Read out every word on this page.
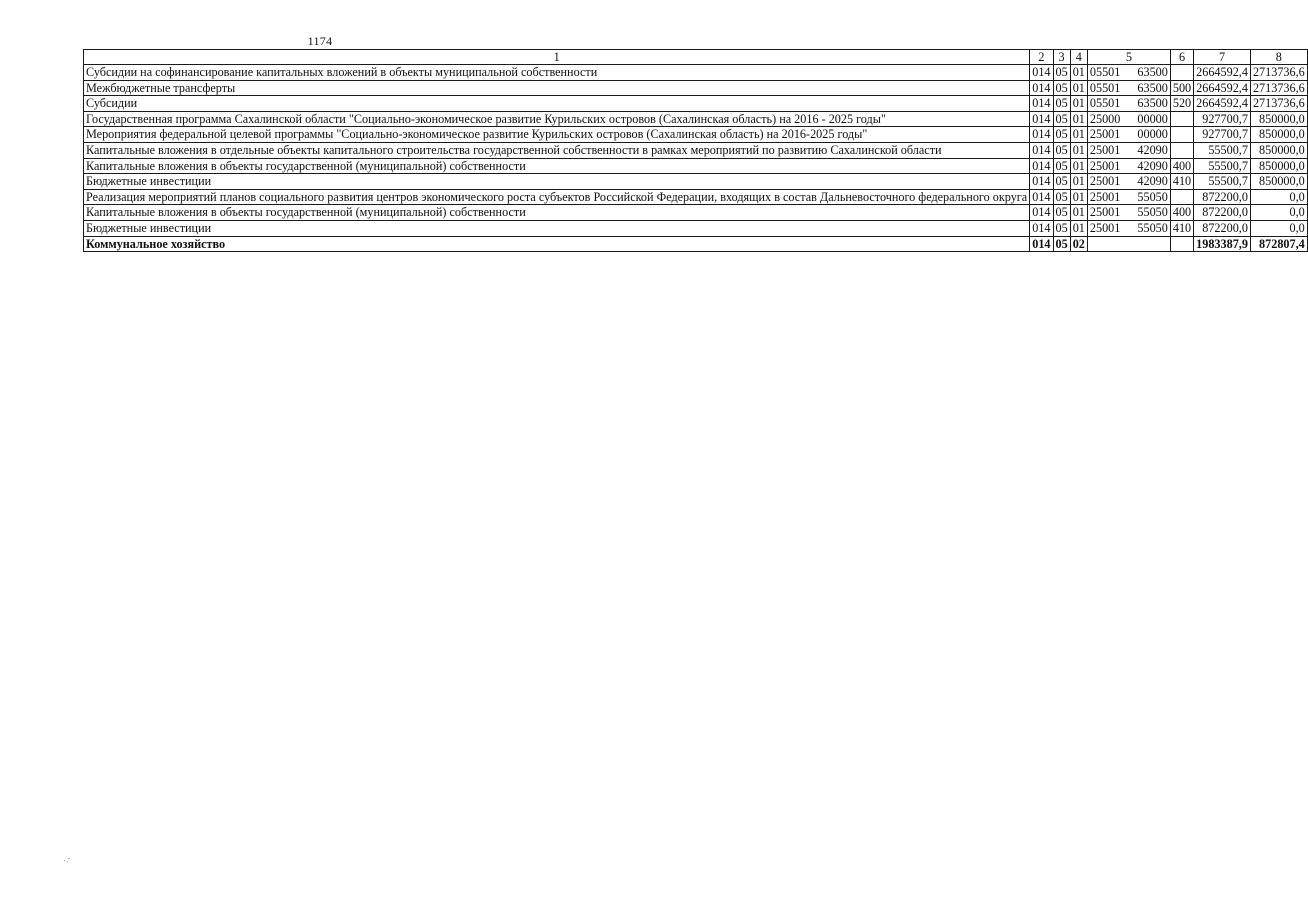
1174
1	2	3	4	5	6	7	8
Субсидии на софинансирование капитальных вложений в объекты муниципальной собственности	014	05	01	05501 63500		2664592,4	2713736,6
Межбюджетные трансферты	014	05	01	05501 63500	500	2664592,4	2713736,6
Субсидии	014	05	01	05501 63500	520	2664592,4	2713736,6
Государственная программа Сахалинской области "Социально-экономическое развитие Курильских островов (Сахалинская область) на 2016 - 2025 годы"	014	05	01	25000 00000		927700,7	850000,0
Мероприятия федеральной целевой программы "Социально-экономическое развитие Курильских островов (Сахалинская область) на 2016-2025 годы"	014	05	01	25001 00000		927700,7	850000,0
Капитальные вложения в отдельные объекты капитального строительства государственной собственности в рамках мероприятий по развитию Сахалинской области	014	05	01	25001 42090		55500,7	850000,0
Капитальные вложения в объекты государственной (муниципальной) собственности	014	05	01	25001 42090	400	55500,7	850000,0
Бюджетные инвестиции	014	05	01	25001 42090	410	55500,7	850000,0
Реализация мероприятий планов социального развития центров экономического роста субъектов Российской Федерации, входящих в состав Дальневосточного федерального округа	014	05	01	25001 55050		872200,0	0,0
Капитальные вложения в объекты государственной (муниципальной) собственности	014	05	01	25001 55050	400	872200,0	0,0
Бюджетные инвестиции	014	05	01	25001 55050	410	872200,0	0,0
Коммунальное хозяйство	014	05	02			1983387,9	872807,4
·.·
